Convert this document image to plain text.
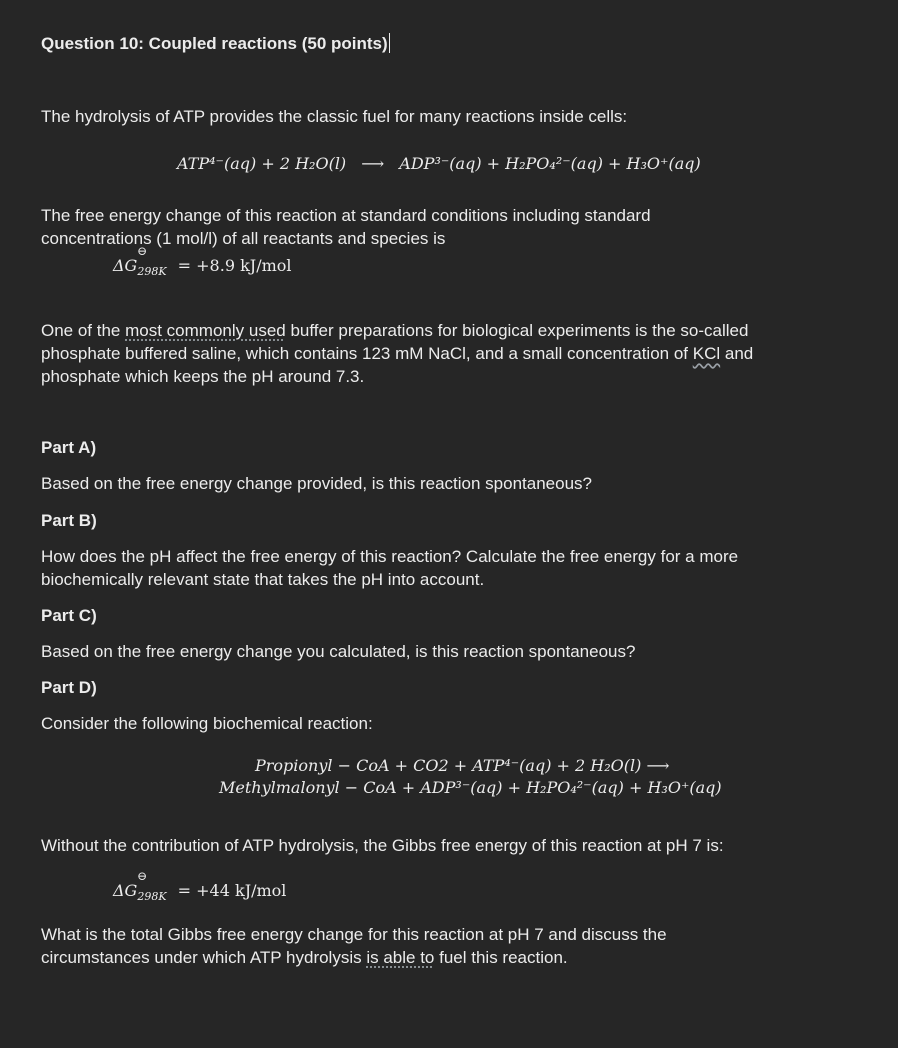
Question 10: Coupled reactions (50 points)

The hydrolysis of ATP provides the classic fuel for many reactions inside cells:

ATP⁴⁻(aq) + 2 H₂O(l) ⟶ ADP³⁻(aq) + H₂PO₄²⁻(aq) + H₃O⁺(aq)

The free energy change of this reaction at standard conditions including standard concentrations (1 mol/l) of all reactants and species is

$\Delta G_{298K}$
⊖
= +8.9 kJ/mol

One of the most commonly used buffer preparations for biological experiments is the so-called phosphate buffered saline, which contains 123 mM NaCl, and a small concentration of KCl and phosphate which keeps the pH around 7.3.

Part A)

Based on the free energy change provided, is this reaction spontaneous?

Part B)

How does the pH affect the free energy of this reaction? Calculate the free energy for a more biochemically relevant state that takes the pH into account.

Part C)

Based on the free energy change you calculated, is this reaction spontaneous?

Part D)

Consider the following biochemical reaction:

Propionyl − CoA + CO2 + ATP⁴⁻(aq) + 2 H₂O(l) ⟶
Methylmalonyl − CoA + ADP³⁻(aq) + H₂PO₄²⁻(aq) + H₃O⁺(aq)

Without the contribution of ATP hydrolysis, the Gibbs free energy of this reaction at pH 7 is:

$\Delta G_{298K}$
⊖
= +44 kJ/mol

What is the total Gibbs free energy change for this reaction at pH 7 and discuss the circumstances under which ATP hydrolysis is able to fuel this reaction.
